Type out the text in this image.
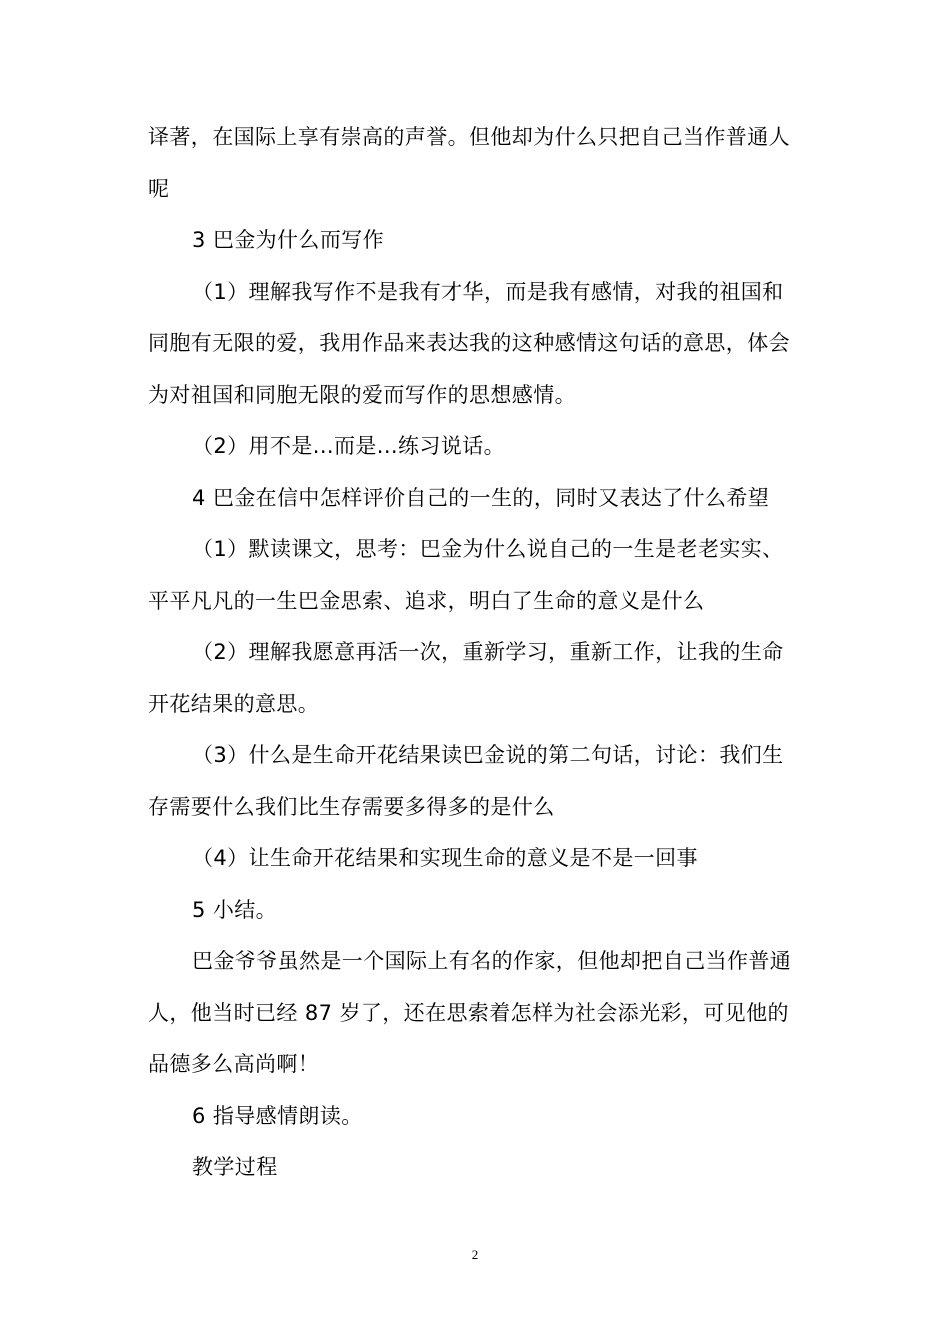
译著，在国际上享有崇高的声誉。但他却为什么只把自己当作普通人呢

3 巴金为什么而写作

（1）理解我写作不是我有才华，而是我有感情，对我的祖国和同胞有无限的爱，我用作品来表达我的这种感情这句话的意思，体会为对祖国和同胞无限的爱而写作的思想感情。

（2）用不是...而是...练习说话。

4 巴金在信中怎样评价自己的一生的，同时又表达了什么希望

（1）默读课文，思考：巴金为什么说自己的一生是老老实实、平平凡凡的一生巴金思索、追求，明白了生命的意义是什么

（2）理解我愿意再活一次，重新学习，重新工作，让我的生命开花结果的意思。

（3）什么是生命开花结果读巴金说的第二句话，讨论：我们生存需要什么我们比生存需要多得多的是什么

（4）让生命开花结果和实现生命的意义是不是一回事

5 小结。

巴金爷爷虽然是一个国际上有名的作家，但他却把自己当作普通人，他当时已经 87 岁了，还在思索着怎样为社会添光彩，可见他的品德多么高尚啊！

6 指导感情朗读。

教学过程

2
